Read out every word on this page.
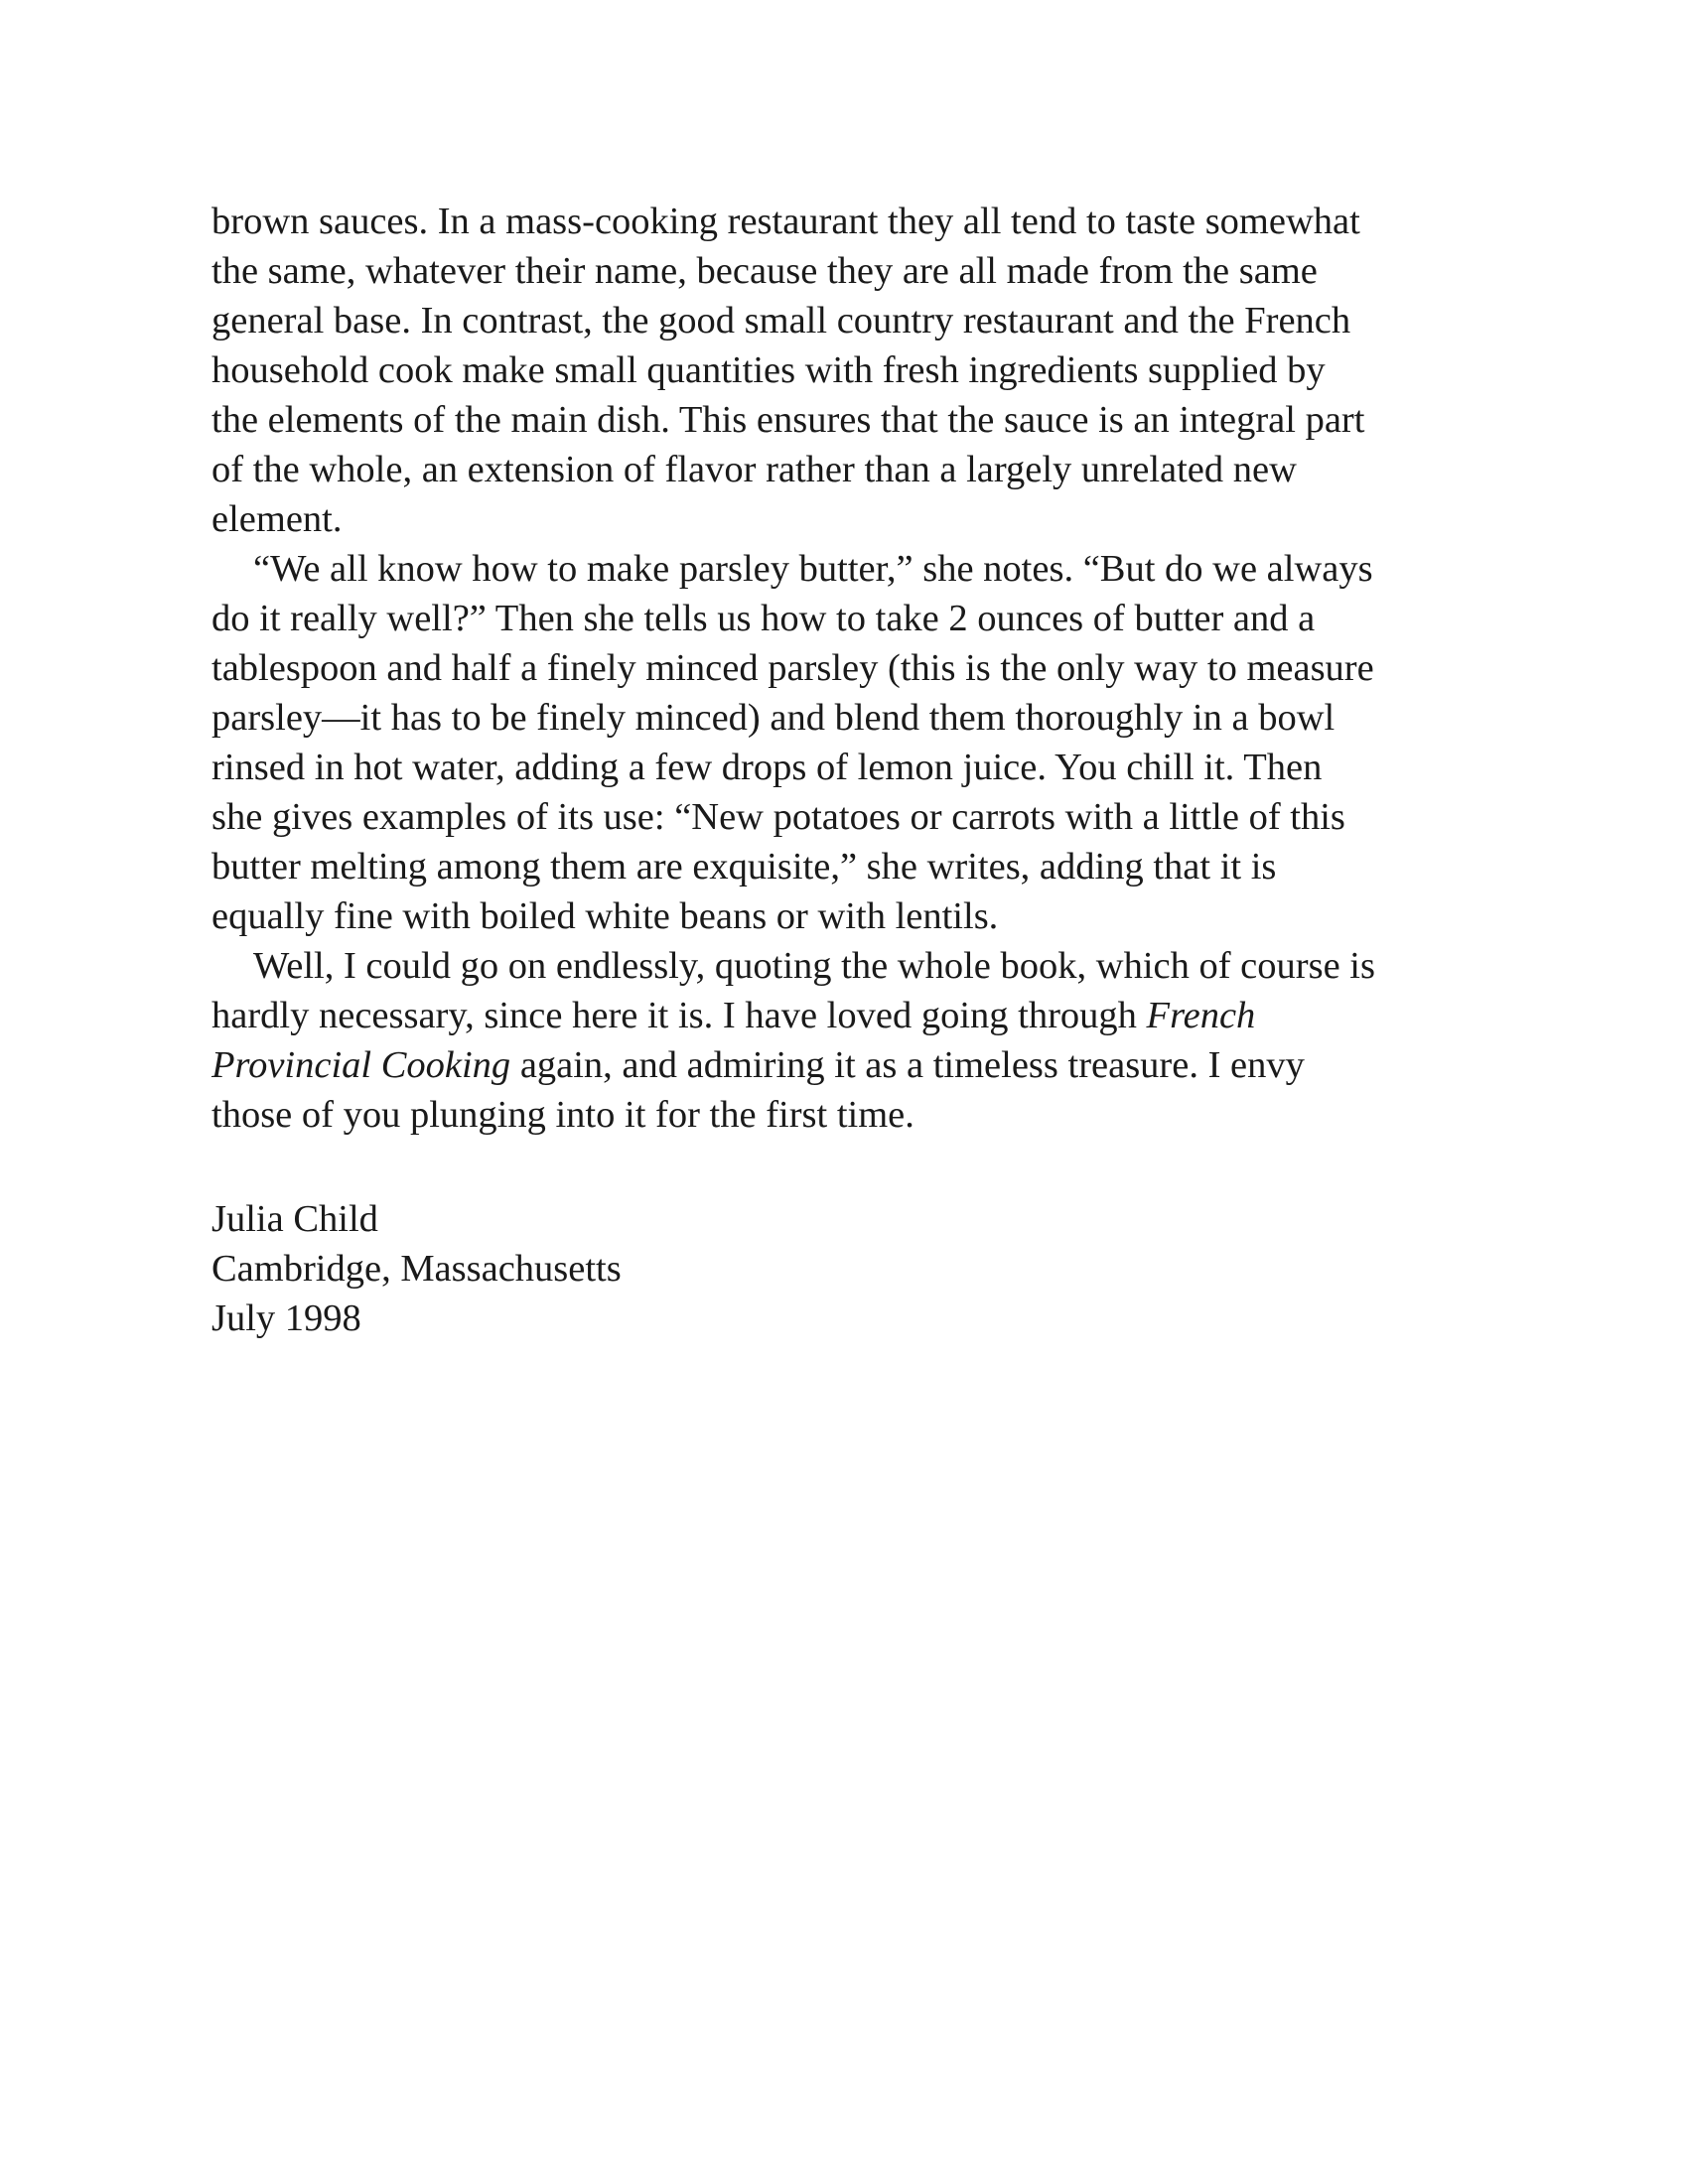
brown sauces. In a mass-cooking restaurant they all tend to taste somewhat
the same, whatever their name, because they are all made from the same
general base. In contrast, the good small country restaurant and the French
household cook make small quantities with fresh ingredients supplied by
the elements of the main dish. This ensures that the sauce is an integral part
of the whole, an extension of flavor rather than a largely unrelated new
element.
“We all know how to make parsley butter,” she notes. “But do we always
do it really well?” Then she tells us how to take 2 ounces of butter and a
tablespoon and half a finely minced parsley (this is the only way to measure
parsley—it has to be finely minced) and blend them thoroughly in a bowl
rinsed in hot water, adding a few drops of lemon juice. You chill it. Then
she gives examples of its use: “New potatoes or carrots with a little of this
butter melting among them are exquisite,” she writes, adding that it is
equally fine with boiled white beans or with lentils.
Well, I could go on endlessly, quoting the whole book, which of course is
hardly necessary, since here it is. I have loved going through French
Provincial Cooking again, and admiring it as a timeless treasure. I envy
those of you plunging into it for the first time.
Julia Child
Cambridge, Massachusetts
July 1998
